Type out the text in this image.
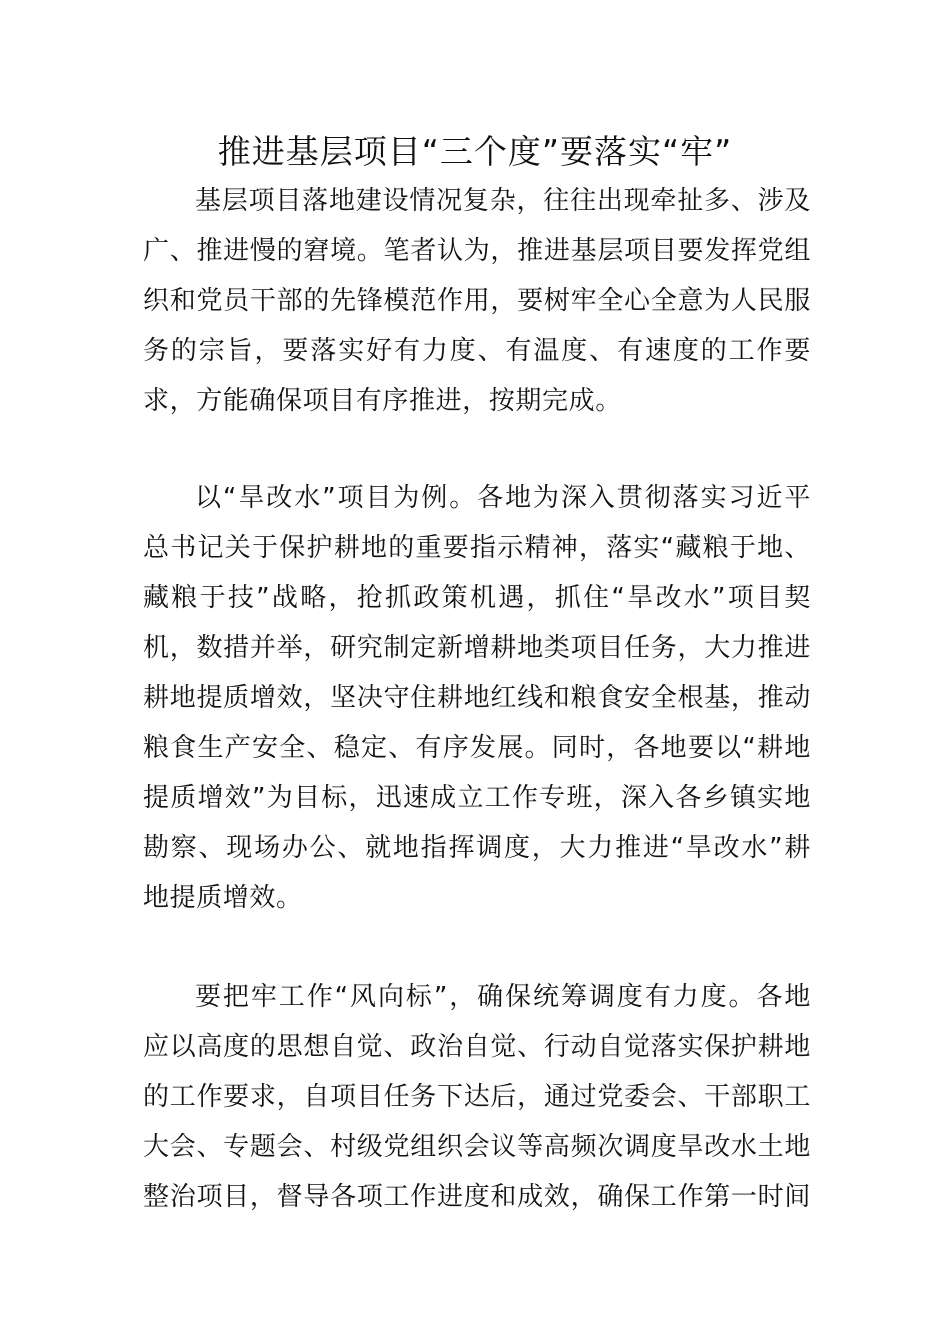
推进基层项目“三个度”要落实“牢”
基层项目落地建设情况复杂，往往出现牵扯多、涉及
广、推进慢的窘境。笔者认为，推进基层项目要发挥党组
织和党员干部的先锋模范作用，要树牢全心全意为人民服
务的宗旨，要落实好有力度、有温度、有速度的工作要
求，方能确保项目有序推进，按期完成。
以“旱改水”项目为例。各地为深入贯彻落实习近平
总书记关于保护耕地的重要指示精神，落实“藏粮于地、
藏粮于技”战略，抢抓政策机遇，抓住“旱改水”项目契
机，数措并举，研究制定新增耕地类项目任务，大力推进
耕地提质增效，坚决守住耕地红线和粮食安全根基，推动
粮食生产安全、稳定、有序发展。同时，各地要以“耕地
提质增效”为目标，迅速成立工作专班，深入各乡镇实地
勘察、现场办公、就地指挥调度，大力推进“旱改水”耕
地提质增效。
要把牢工作“风向标”，确保统筹调度有力度。各地
应以高度的思想自觉、政治自觉、行动自觉落实保护耕地
的工作要求，自项目任务下达后，通过党委会、干部职工
大会、专题会、村级党组织会议等高频次调度旱改水土地
整治项目，督导各项工作进度和成效，确保工作第一时间
